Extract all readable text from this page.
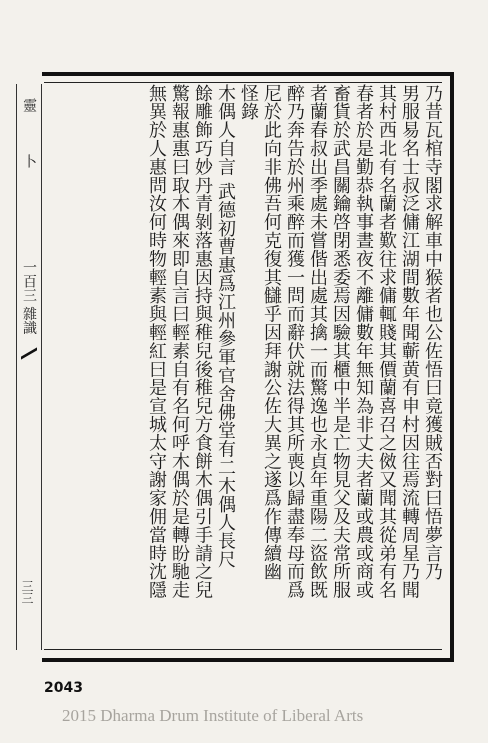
靈
卜
一百三 雜識
三三
乃昔瓦棺寺閣求解車中猴者也公佐悟曰竟獲賊否對曰悟夢言乃
男服易名士叔泛傭江湖間數年聞蘄黄有申村因往焉流轉周星乃聞
其村西北有名蘭者歎往求傭輒賤其價蘭喜召之傚又聞其從弟有名
春者於是勤恭執事晝夜不離傭數年無知為非丈夫者蘭或農或商或
畜貨於武昌關鑰啓閉悉委焉因驗其櫃中半是亡物見父及夫常所服
者蘭春叔出季處未嘗偕出處其擒一而驚逸也永貞年重陽二盜飲既
醉乃奔告於州乘醉而獲一問而辭伏就法得其所喪以歸盡奉母而爲
尼於此向非佛吾何克復其讎乎因拜謝公佐大異之遂爲作傳續幽
怪錄
木偶人自言 武德初曹惠爲江州參軍官舍佛堂有二木偶人長尺
餘雕飾巧妙丹青剝落惠因持與稚兒後稚兒方食餅木偶引手請之兒
驚報惠惠曰取木偶來即自言曰輕素自有名何呼木偶於是轉盼馳走
無異於人惠問汝何時物輕素與輕紅曰是宣城太守謝家佣當時沈隱
2043
2015 Dharma Drum Institute of Liberal Arts
